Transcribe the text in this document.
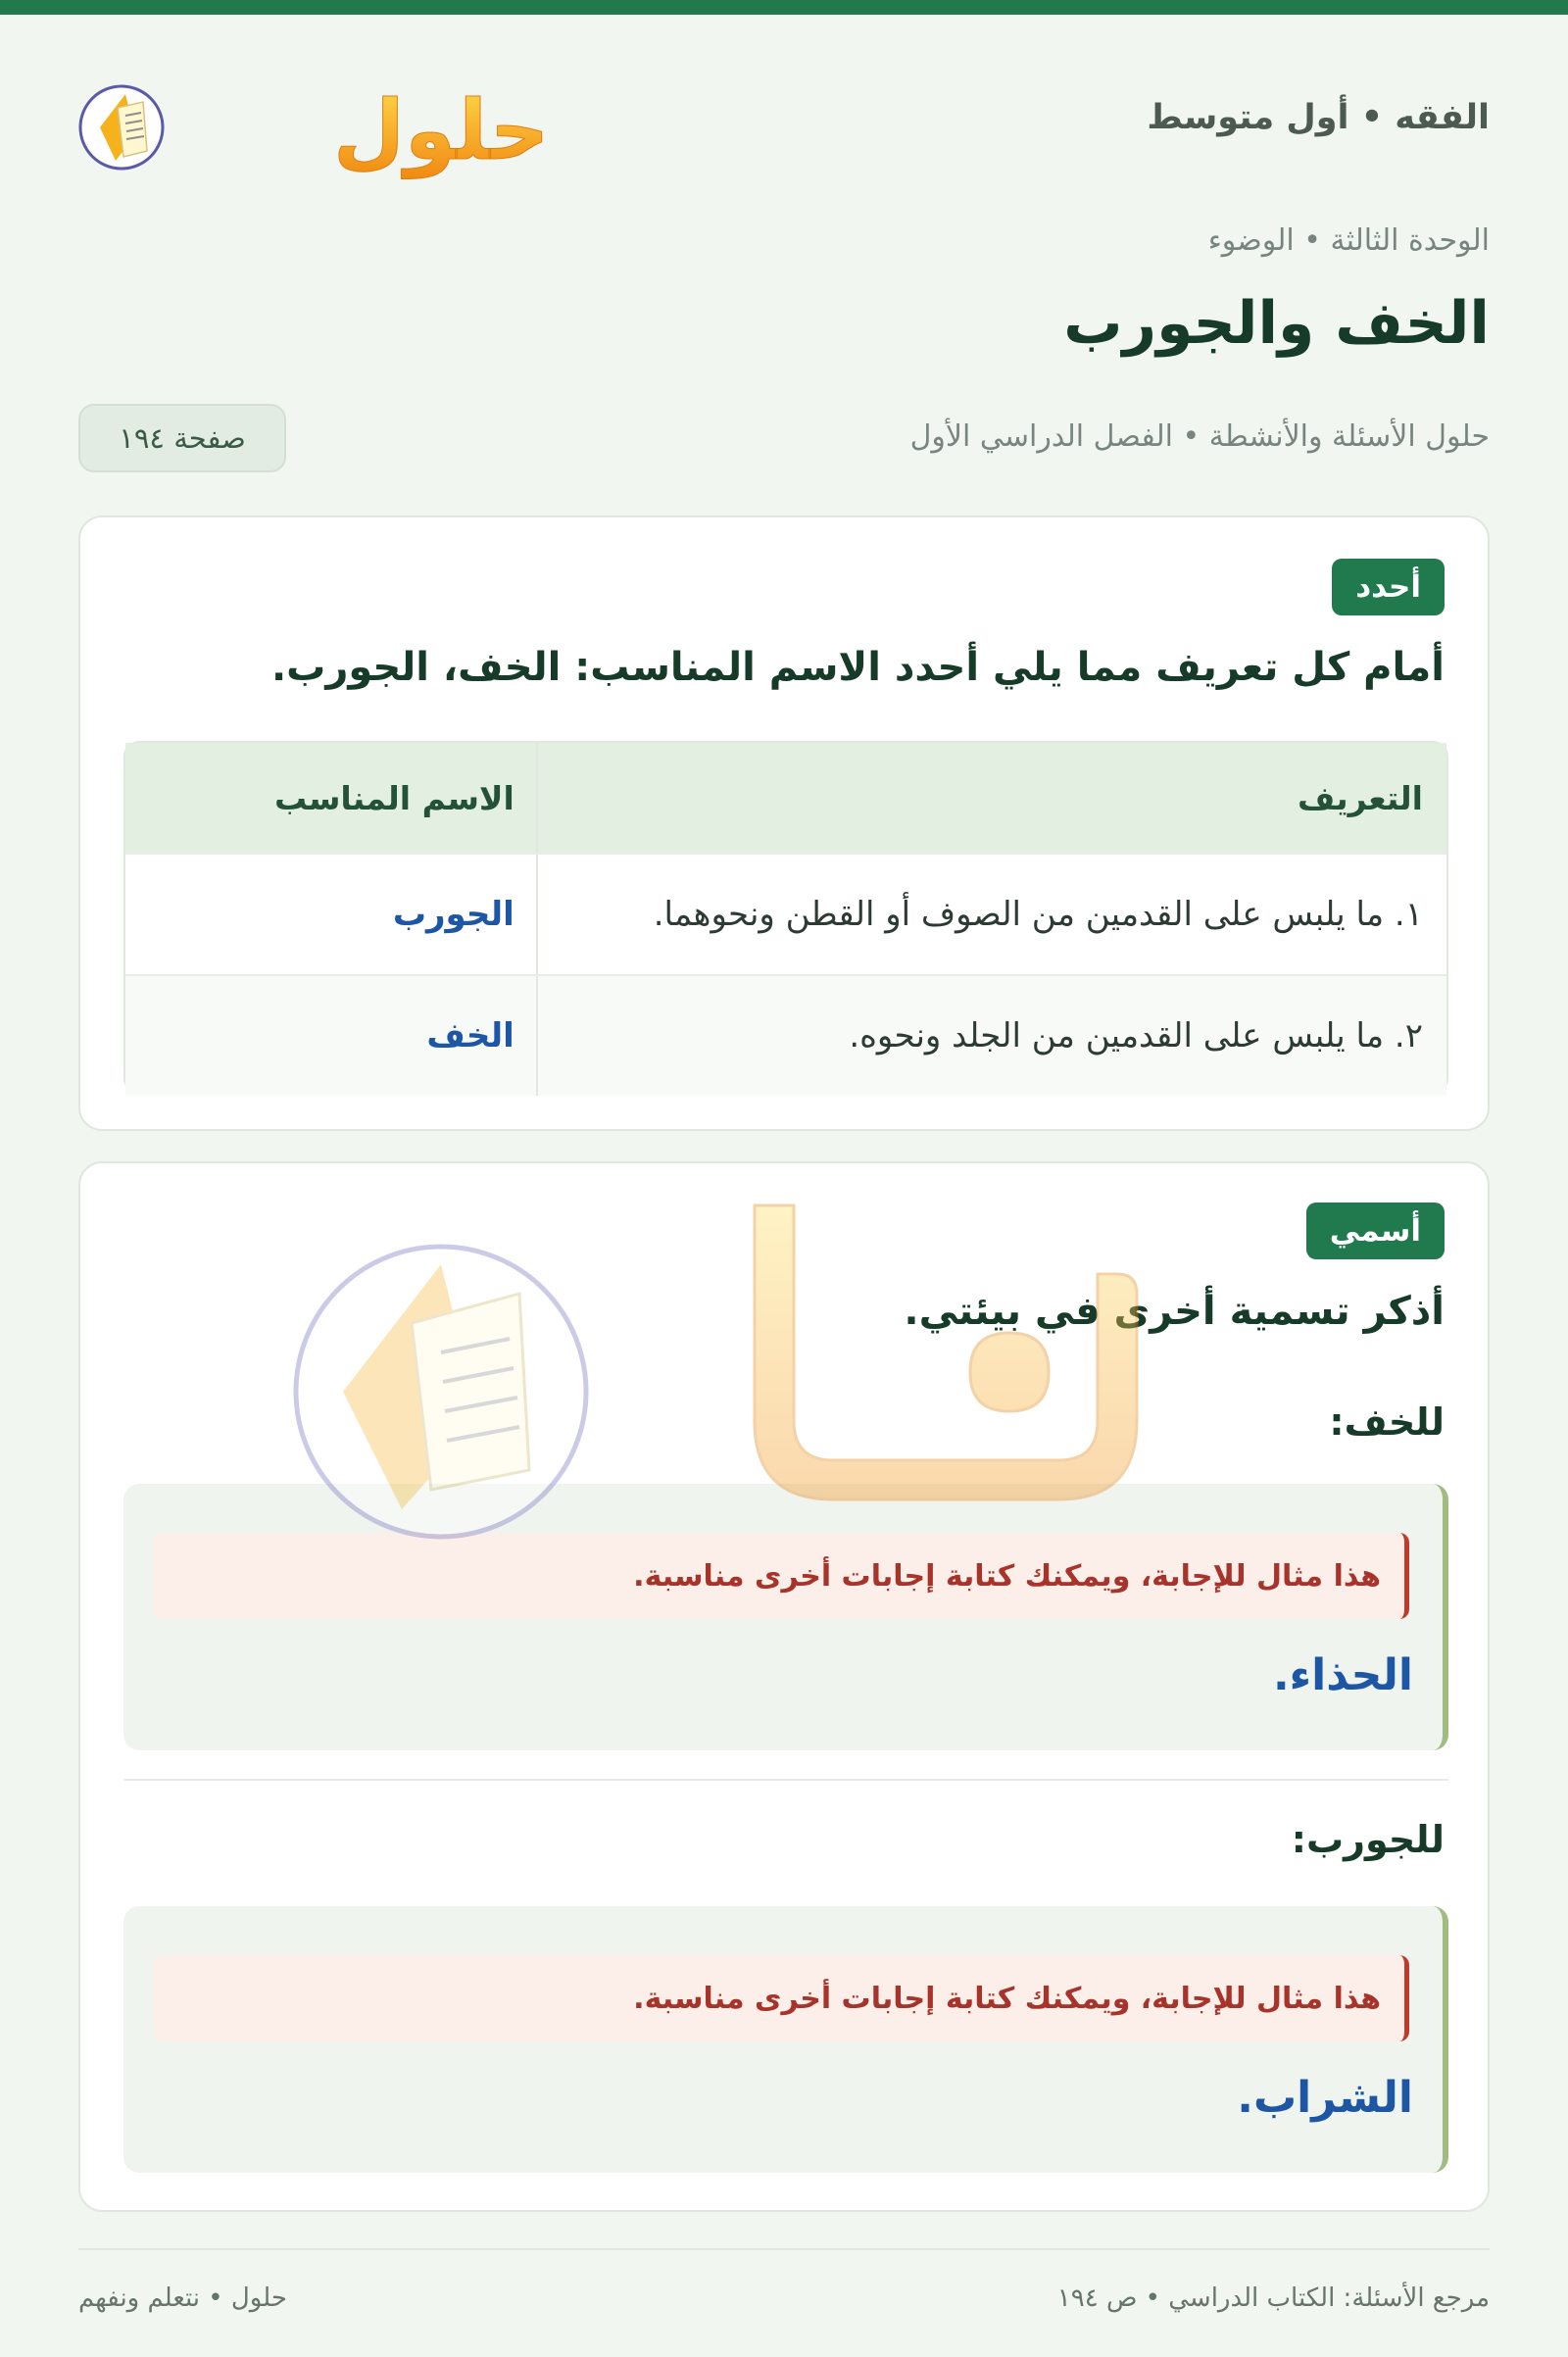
الفقه • أول متوسط
حلول
الوحدة الثالثة • الوضوء
الخف والجورب
حلول الأسئلة والأنشطة • الفصل الدراسي الأول
صفحة ١٩٤
أحدد
أمام كل تعريف مما يلي أحدد الاسم المناسب: الخف، الجورب.
التعريف
الاسم المناسب
١. ما يلبس على القدمين من الصوف أو القطن ونحوهما.
الجورب
٢. ما يلبس على القدمين من الجلد ونحوه.
الخف
أسمي
أذكر تسمية أخرى في بيئتي.
للخف:
هذا مثال للإجابة، ويمكنك كتابة إجابات أخرى مناسبة.
الحذاء.
للجورب:
هذا مثال للإجابة، ويمكنك كتابة إجابات أخرى مناسبة.
الشراب.
مرجع الأسئلة: الكتاب الدراسي • ص ١٩٤
حلول • نتعلم ونفهم
